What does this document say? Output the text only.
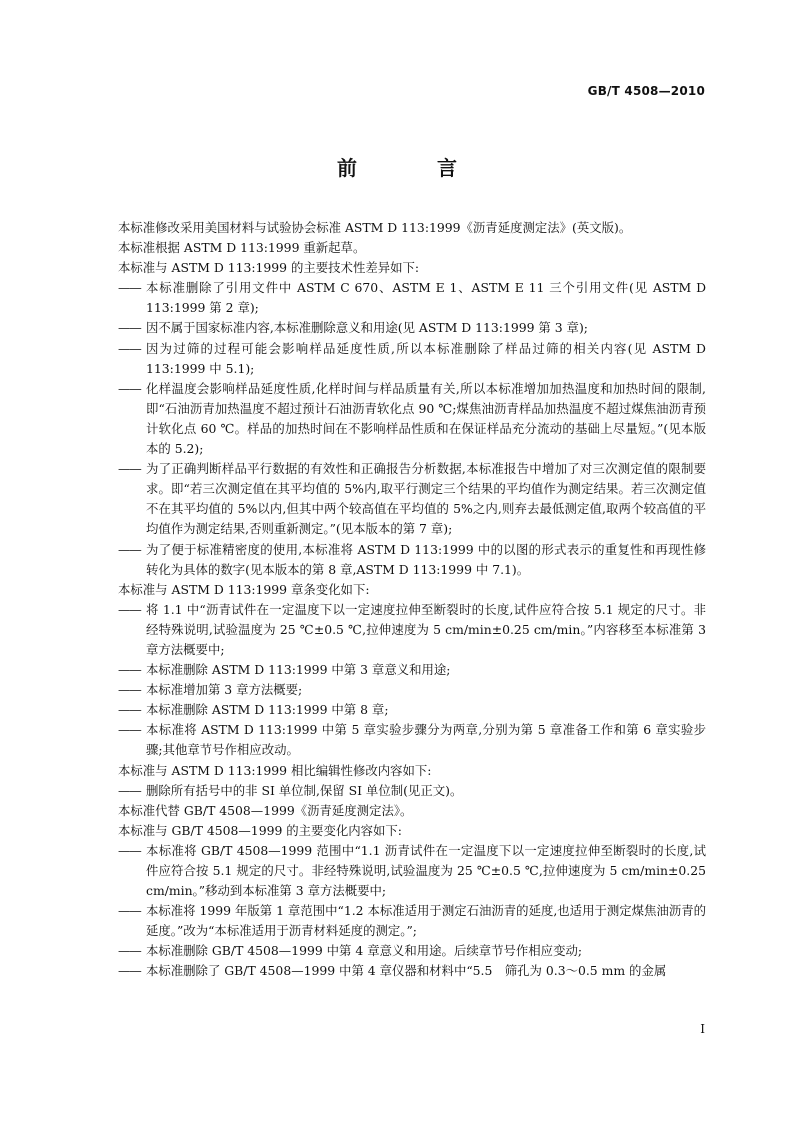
GB/T 4508—2010
前　言
本标准修改采用美国材料与试验协会标准 ASTM D 113:1999《沥青延度测定法》(英文版)。
本标准根据 ASTM D 113:1999 重新起草。
本标准与 ASTM D 113:1999 的主要技术性差异如下:
—— 本标准删除了引用文件中 ASTM C 670、ASTM E 1、ASTM E 11 三个引用文件(见 ASTM D 113:1999 第 2 章);
—— 因不属于国家标准内容,本标准删除意义和用途(见 ASTM D 113:1999 第 3 章);
—— 因为过筛的过程可能会影响样品延度性质,所以本标准删除了样品过筛的相关内容(见 ASTM D 113:1999 中 5.1);
—— 化样温度会影响样品延度性质,化样时间与样品质量有关,所以本标准增加加热温度和加热时间的限制,即“石油沥青加热温度不超过预计石油沥青软化点 90 ℃;煤焦油沥青样品加热温度不超过煤焦油沥青预计软化点 60 ℃。样品的加热时间在不影响样品性质和在保证样品充分流动的基础上尽量短。”(见本版本的 5.2);
—— 为了正确判断样品平行数据的有效性和正确报告分析数据,本标准报告中增加了对三次测定值的限制要求。即“若三次测定值在其平均值的 5%内,取平行测定三个结果的平均值作为测定结果。若三次测定值不在其平均值的 5%以内,但其中两个较高值在平均值的 5%之内,则弃去最低测定值,取两个较高值的平均值作为测定结果,否则重新测定。”(见本版本的第 7 章);
—— 为了便于标准精密度的使用,本标准将 ASTM D 113:1999 中的以图的形式表示的重复性和再现性修转化为具体的数字(见本版本的第 8 章,ASTM D 113:1999 中 7.1)。
本标准与 ASTM D 113:1999 章条变化如下:
—— 将 1.1 中“沥青试件在一定温度下以一定速度拉伸至断裂时的长度,试件应符合按 5.1 规定的尺寸。非经特殊说明,试验温度为 25 ℃±0.5 ℃,拉伸速度为 5 cm/min±0.25 cm/min。”内容移至本标准第 3 章方法概要中;
—— 本标准删除 ASTM D 113:1999 中第 3 章意义和用途;
—— 本标准增加第 3 章方法概要;
—— 本标准删除 ASTM D 113:1999 中第 8 章;
—— 本标准将 ASTM D 113:1999 中第 5 章实验步骤分为两章,分别为第 5 章准备工作和第 6 章实验步骤;其他章节号作相应改动。
本标准与 ASTM D 113:1999 相比编辑性修改内容如下:
—— 删除所有括号中的非 SI 单位制,保留 SI 单位制(见正文)。
本标准代替 GB/T 4508—1999《沥青延度测定法》。
本标准与 GB/T 4508—1999 的主要变化内容如下:
—— 本标准将 GB/T 4508—1999 范围中“1.1 沥青试件在一定温度下以一定速度拉伸至断裂时的长度,试件应符合按 5.1 规定的尺寸。非经特殊说明,试验温度为 25 ℃±0.5 ℃,拉伸速度为 5 cm/min±0.25 cm/min。”移动到本标准第 3 章方法概要中;
—— 本标准将 1999 年版第 1 章范围中“1.2 本标准适用于测定石油沥青的延度,也适用于测定煤焦油沥青的延度。”改为“本标准适用于沥青材料延度的测定。”;
—— 本标准删除 GB/T 4508—1999 中第 4 章意义和用途。后续章节号作相应变动;
—— 本标准删除了 GB/T 4508—1999 中第 4 章仪器和材料中“5.5　筛孔为 0.3～0.5 mm 的金属
I
